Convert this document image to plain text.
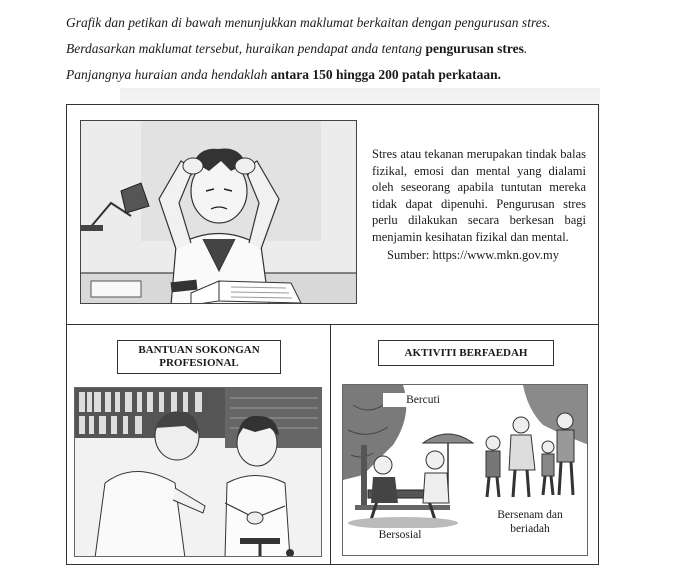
Grafik dan petikan di bawah menunjukkan maklumat berkaitan dengan pengurusan stres.
Berdasarkan maklumat tersebut, huraikan pendapat anda tentang pengurusan stres.
Panjangnya huraian anda hendaklah antara 150 hingga 200 patah perkataan.
Stres atau tekanan merupakan tindak balas fizikal, emosi dan mental yang dialami oleh seseorang apabila tuntutan mereka tidak dapat dipenuhi. Pengurusan stres perlu dilakukan secara berkesan bagi menjamin kesihatan fizikal dan mental.
Sumber: https://www.mkn.gov.my
BANTUAN SOKONGAN PROFESIONAL
AKTIVITI BERFAEDAH
Bercuti
Bersosial
Bersenam dan beriadah
